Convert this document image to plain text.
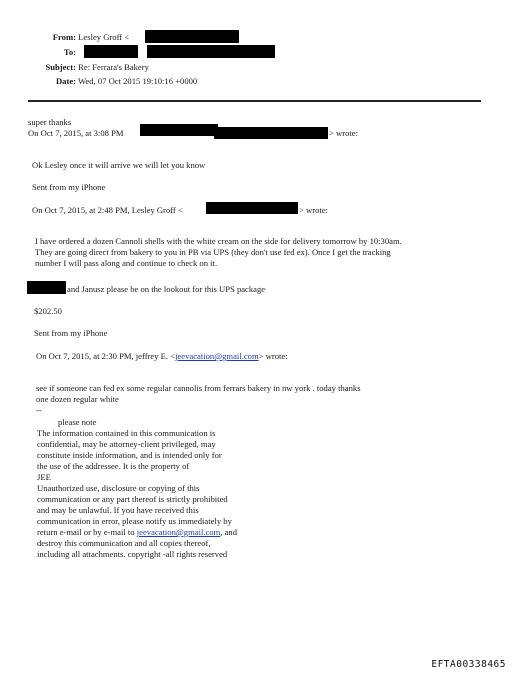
From: Lesley Groff <
To:
Subject: Re: Ferrara's Bakery
Date: Wed, 07 Oct 2015 19:10:16 +0000
super thanks
On Oct 7, 2015, at 3:08 PM	> wrote:
Ok Lesley once it will arrive we will let you know
Sent from my iPhone
On Oct 7, 2015, at 2:48 PM, Lesley Groff <	> wrote:
I have ordered a dozen Cannoli shells with the white cream on the side for delivery tomorrow by 10:30am.
They are going direct from bakery to you in PB via UPS (they don't use fed ex). Once I get the tracking
number I will pass along and continue to check on it.
and Janusz please be on the lookout for this UPS package
$202.50
Sent from my iPhone
On Oct 7, 2015, at 2:30 PM, jeffrey E. <jeevacation@gmail.com> wrote:
see if someone can fed ex some regular cannolis from ferrars bakery in nw york . today thanks
one dozen regular white
--
please note
The information contained in this communication is
confidential, may be attorney-client privileged, may
constitute inside information, and is intended only for
the use of the addressee. It is the property of
JEE
Unauthorized use, disclosure or copying of this
communication or any part thereof is strictly prohibited
and may be unlawful. If you have received this
communication in error, please notify us immediately by
return e-mail or by e-mail to jeevacation@gmail.com, and
destroy this communication and all copies thereof,
including all attachments. copyright -all rights reserved
EFTA00338465
